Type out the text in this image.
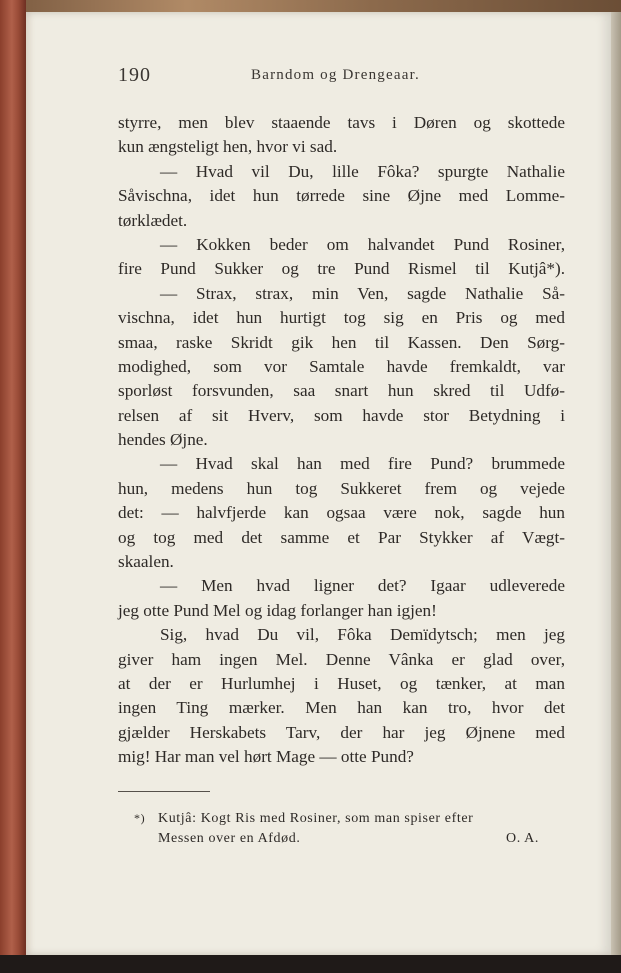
190	Barndom og Drengeaar.
styrre, men blev staaende tavs i Døren og skottede
kun ængsteligt hen, hvor vi sad.
— Hvad vil Du, lille Fôka? spurgte Nathalie
Såvischna, idet hun tørrede sine Øjne med Lomme-
tørklædet.
— Kokken beder om halvandet Pund Rosiner,
fire Pund Sukker og tre Pund Rismel til Kutjâ*).
— Strax, strax, min Ven, sagde Nathalie Så-
vischna, idet hun hurtigt tog sig en Pris og med
smaa, raske Skridt gik hen til Kassen. Den Sørg-
modighed, som vor Samtale havde fremkaldt, var
sporløst forsvunden, saa snart hun skred til Udfø-
relsen af sit Hverv, som havde stor Betydning i
hendes Øjne.
— Hvad skal han med fire Pund? brummede
hun, medens hun tog Sukkeret frem og vejede
det: — halvfjerde kan ogsaa være nok, sagde hun
og tog med det samme et Par Stykker af Vægt-
skaalen.
— Men hvad ligner det? Igaar udleverede
jeg otte Pund Mel og idag forlanger han igjen!
Sig, hvad Du vil, Fôka Demïdytsch; men jeg
giver ham ingen Mel. Denne Vânka er glad over,
at der er Hurlumhej i Huset, og tænker, at man
ingen Ting mærker. Men han kan tro, hvor det
gjælder Herskabets Tarv, der har jeg Øjnene med
mig! Har man vel hørt Mage — otte Pund?
*) Kutjâ: Kogt Ris med Rosiner, som man spiser efter
Messen over en Afdød.	O. A.
